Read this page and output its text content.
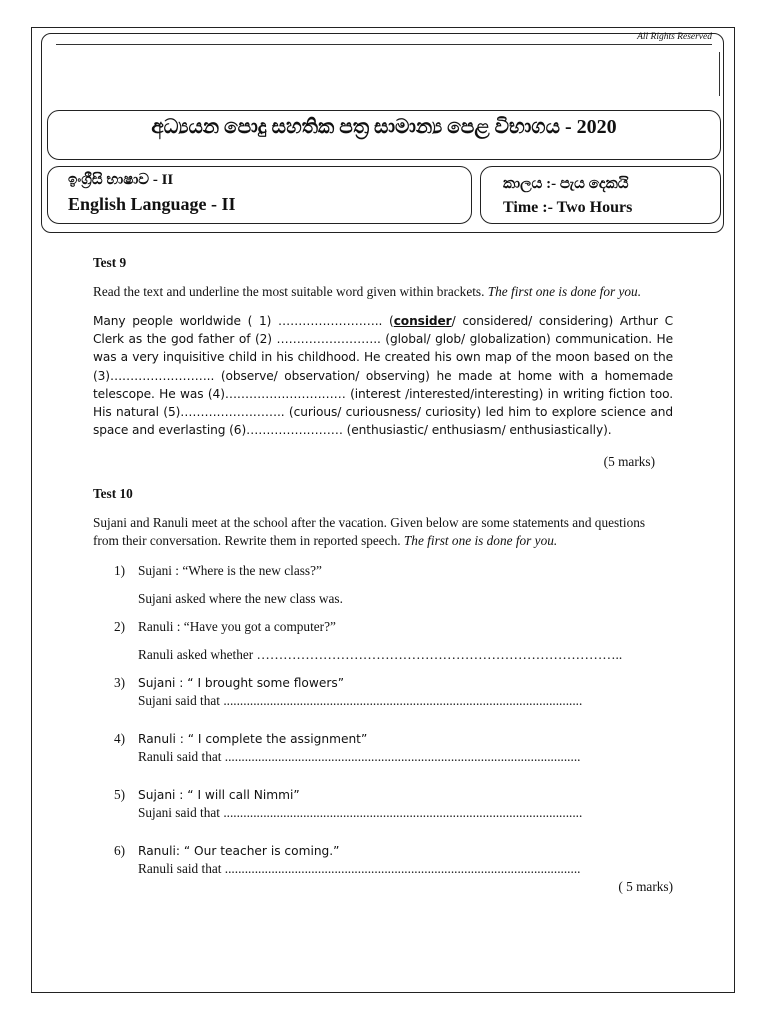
All Rights Reserved
අධ්‍යයන පොදු සහතික පත්‍ර සාමාන්‍ය පෙළ විභාගය - 2020
ඉංග්‍රීසි භාෂාව - II
English Language - II
කාලය :- පැය දෙකයි
Time :- Two Hours

Test 9

Read the text and underline the most suitable word given within brackets. The first one is done for you.

Many people worldwide ( 1) …………………….. (consider/ considered/ considering) Arthur C Clerk as the god father of (2) …………………….. (global/ glob/ globalization) communication. He was a very inquisitive child in his childhood. He created his own map of the moon based on the (3)…………………….. (observe/ observation/ observing) he made at home with a homemade telescope. He was (4)………………………… (interest /interested/interesting) in writing fiction too. His natural (5)…………………….. (curious/ curiousness/ curiosity) led him to explore science and space and everlasting (6)…………………… (enthusiastic/ enthusiasm/ enthusiastically).

(5 marks)

Test 10

Sujani and Ranuli meet at the school after the vacation. Given below are some statements and questions from their conversation. Rewrite them in reported speech. The first one is done for you.

1) Sujani : “Where is the new class?”
Sujani asked where the new class was.
2) Ranuli : “Have you got a computer?”
Ranuli asked whether ………………………………………………………………………..
3) Sujani : “ I brought some flowers”
Sujani said that ............................................................................................................
4) Ranuli : “ I complete the assignment”
Ranuli said that ...........................................................................................................
5) Sujani : “ I will call Nimmi”
Sujani said that ............................................................................................................
6) Ranuli: “ Our teacher is coming.”
Ranuli said that ...........................................................................................................

( 5 marks)
